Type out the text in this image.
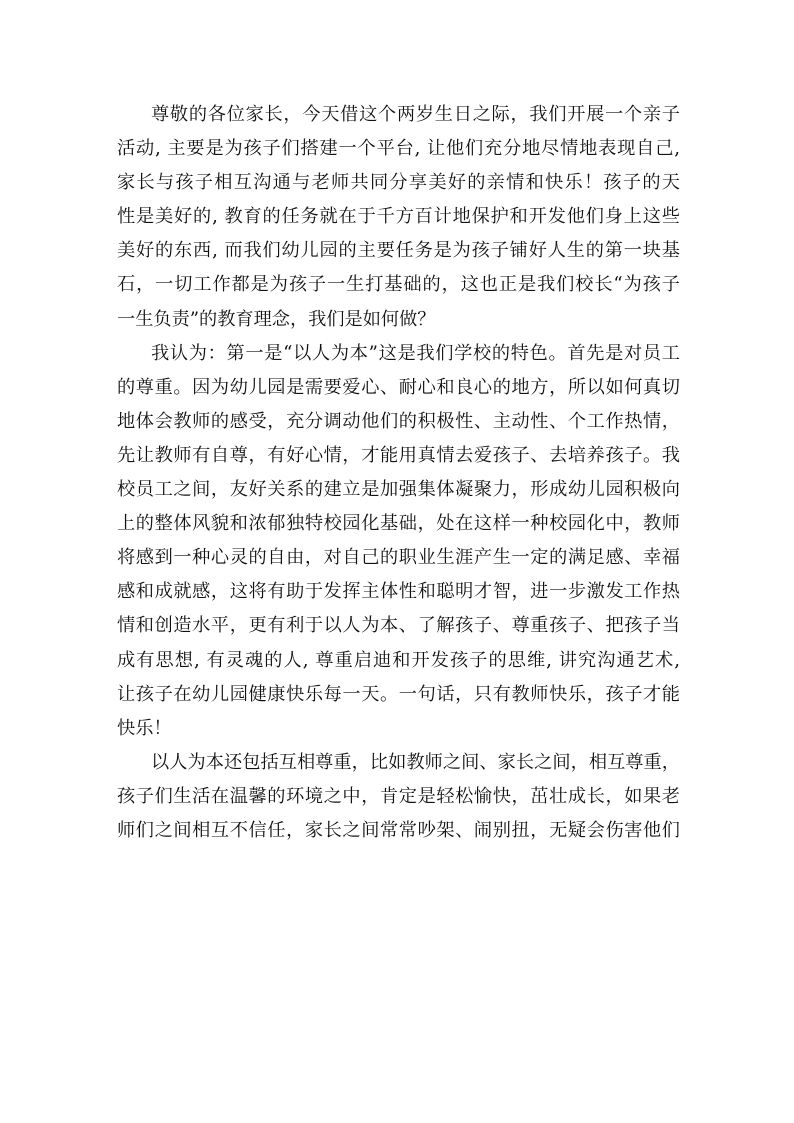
尊敬的各位家长，今天借这个两岁生日之际，我们开展一个亲子
活动, 主要是为孩子们搭建一个平台, 让他们充分地尽情地表现自己,
家长与孩子相互沟通与老师共同分享美好的亲情和快乐！孩子的天
性是美好的, 教育的任务就在于千方百计地保护和开发他们身上这些
美好的东西, 而我们幼儿园的主要任务是为孩子铺好人生的第一块基
石，一切工作都是为孩子一生打基础的，这也正是我们校长“为孩子
一生负责”的教育理念，我们是如何做？
我认为：第一是“以人为本”这是我们学校的特色。首先是对员工
的尊重。因为幼儿园是需要爱心、耐心和良心的地方，所以如何真切
地体会教师的感受，充分调动他们的积极性、主动性、个工作热情，
先让教师有自尊，有好心情，才能用真情去爱孩子、去培养孩子。我
校员工之间，友好关系的建立是加强集体凝聚力，形成幼儿园积极向
上的整体风貌和浓郁独特校园化基础，处在这样一种校园化中，教师
将感到一种心灵的自由，对自己的职业生涯产生一定的满足感、幸福
感和成就感，这将有助于发挥主体性和聪明才智，进一步激发工作热
情和创造水平，更有利于以人为本、了解孩子、尊重孩子、把孩子当
成有思想, 有灵魂的人, 尊重启迪和开发孩子的思维, 讲究沟通艺术,
让孩子在幼儿园健康快乐每一天。一句话，只有教师快乐，孩子才能
快乐！
以人为本还包括互相尊重，比如教师之间、家长之间，相互尊重，
孩子们生活在温馨的环境之中，肯定是轻松愉快，茁壮成长，如果老
师们之间相互不信任，家长之间常常吵架、闹别扭，无疑会伤害他们
